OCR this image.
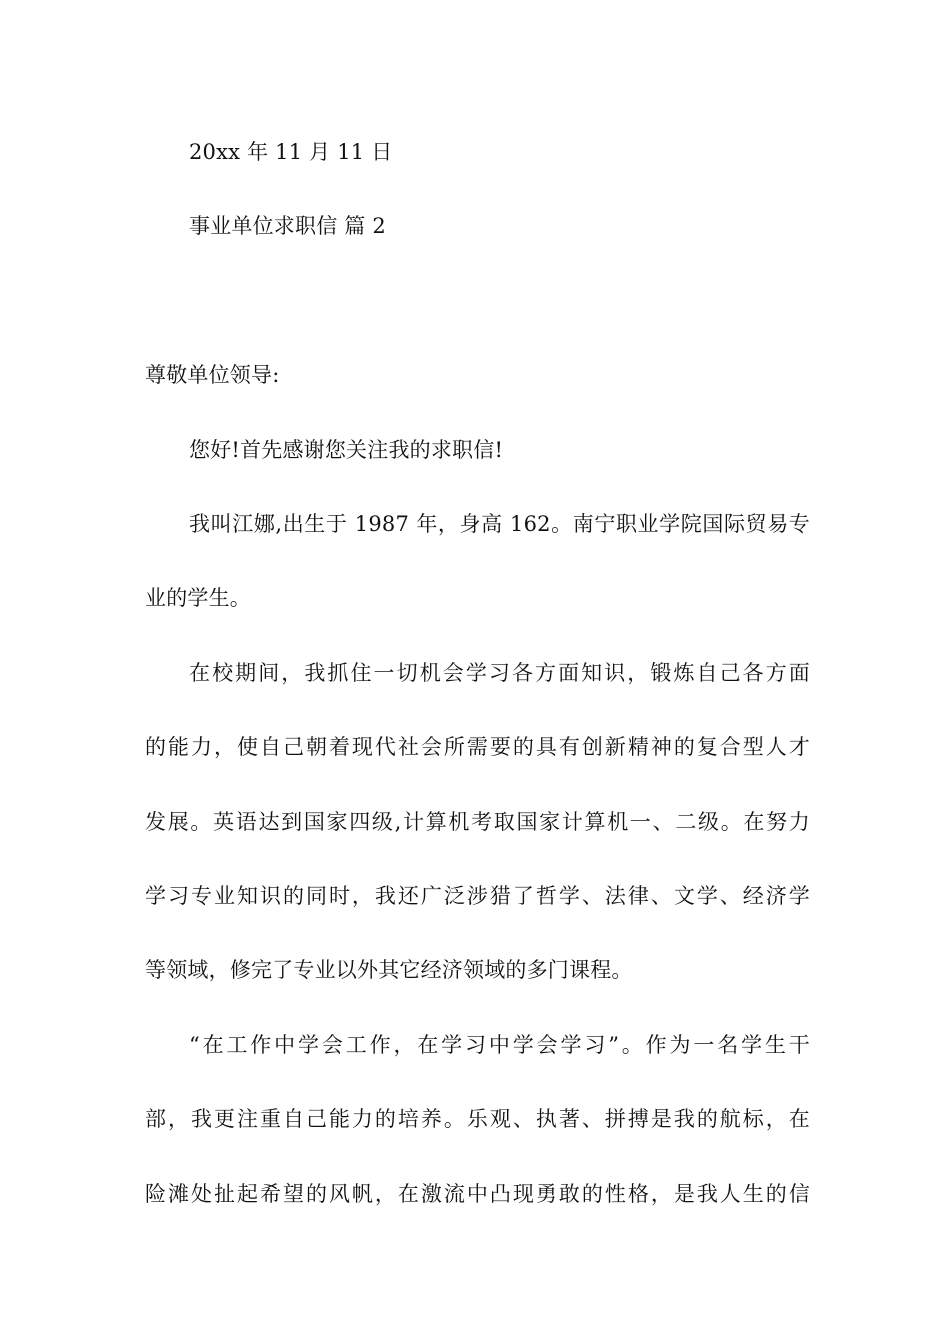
20xx 年 11 月 11 日
事业单位求职信 篇 2
尊敬单位领导:
您好!首先感谢您关注我的求职信!
我叫江娜,出生于 1987 年，身高 162。南宁职业学院国际贸易专
业的学生。
在校期间，我抓住一切机会学习各方面知识，锻炼自己各方面
的能力，使自己朝着现代社会所需要的具有创新精神的复合型人才
发展。英语达到国家四级,计算机考取国家计算机一、二级。在努力
学习专业知识的同时，我还广泛涉猎了哲学、法律、文学、经济学
等领域，修完了专业以外其它经济领域的多门课程。
“在工作中学会工作，在学习中学会学习”。作为一名学生干
部，我更注重自己能力的培养。乐观、执著、拼搏是我的航标，在
险滩处扯起希望的风帆，在激流中凸现勇敢的性格，是我人生的信
